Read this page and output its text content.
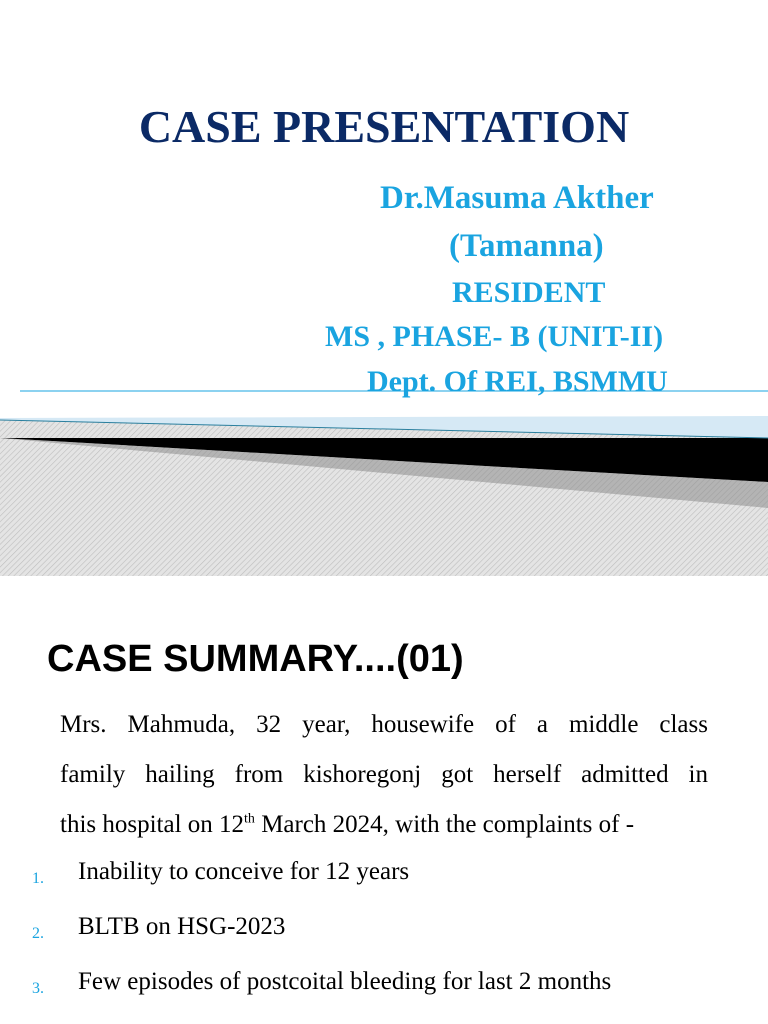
CASE PRESENTATION

Dr.Masuma Akther

(Tamanna)

RESIDENT

MS , PHASE- B (UNIT-II)

Dept. Of REI, BSMMU

CASE SUMMARY....(01)

Mrs. Mahmuda, 32 year, housewife of a middle class
family hailing from kishoregonj got herself admitted in
this hospital on 12th March 2024, with the complaints of -

1. Inability to conceive for 12 years
2. BLTB on HSG-2023
3. Few episodes of postcoital bleeding for last 2 months
